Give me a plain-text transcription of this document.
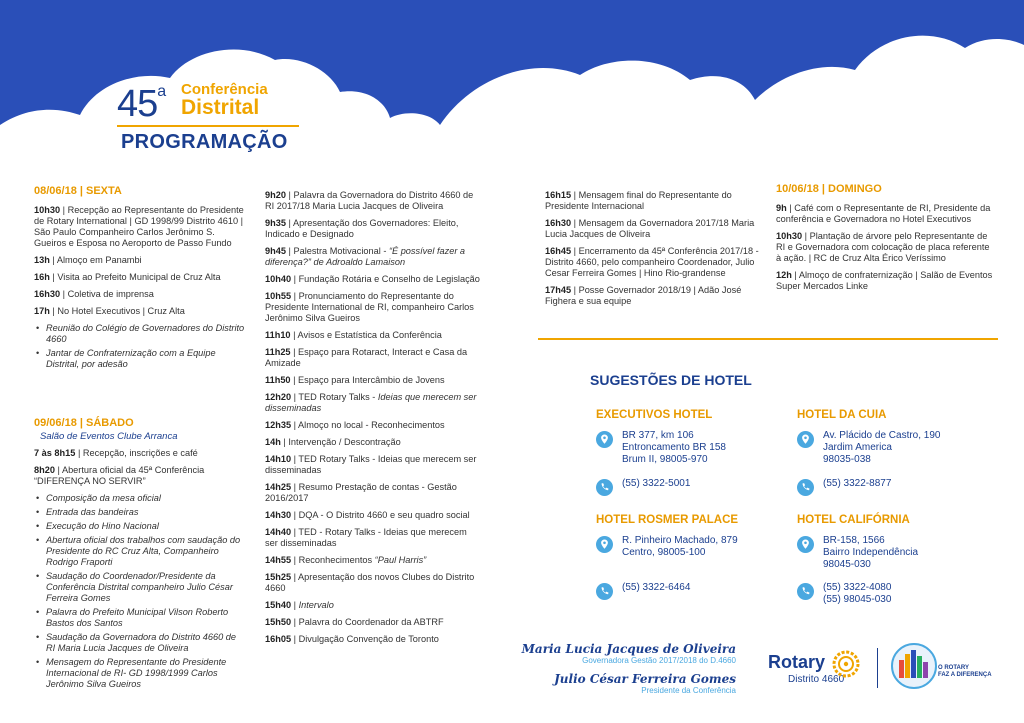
45$^a$ Conferência
Distrital
PROGRAMAÇÃO
08/06/18 | SEXTA
10h30 | Recepção ao Representante do Presidente de Rotary International | GD 1998/99 Distrito 4610 | São Paulo Companheiro Carlos Jerônimo S. Gueiros e Esposa no Aeroporto de Passo Fundo
13h | Almoço em Panambi
16h | Visita ao Prefeito Municipal de Cruz Alta
16h30 | Coletiva de imprensa
17h | No Hotel Executivos | Cruz Alta
• Reunião do Colégio de Governadores do Distrito 4660
• Jantar de Confraternização com a Equipe Distrital, por adesão
09/06/18 | SÁBADO
Salão de Eventos Clube Arranca
7 às 8h15 | Recepção, inscrições e café
8h20 | Abertura oficial da 45ª Conferência “DIFERENÇA NO SERVIR”
• Composição da mesa oficial
• Entrada das bandeiras
• Execução do Hino Nacional
• Abertura oficial dos trabalhos com saudação do Presidente do RC Cruz Alta, Companheiro Rodrigo Fraporti
• Saudação do Coordenador/Presidente da Conferência Distrital companheiro Julio César Ferreira Gomes
• Palavra do Prefeito Municipal Vilson Roberto Bastos dos Santos
• Saudação da Governadora do Distrito 4660 de RI Maria Lucia Jacques de Oliveira
• Mensagem do Representante do Presidente Internacional de RI- GD 1998/1999 Carlos Jerônimo Silva Gueiros
9h20 | Palavra da Governadora do Distrito 4660 de RI 2017/18 Maria Lucia Jacques de Oliveira
9h35 | Apresentação dos Governadores: Eleito, Indicado e Designado
9h45 | Palestra Motivacional - “É possível fazer a diferença?” de Adroaldo Lamaison
10h40 | Fundação Rotária e Conselho de Legislação
10h55 | Pronunciamento do Representante do Presidente International de RI, companheiro Carlos Jerônimo Silva Gueiros
11h10 | Avisos e Estatística da Conferência
11h25 | Espaço para Rotaract, Interact e Casa da Amizade
11h50 | Espaço para Intercâmbio de Jovens
12h20 | TED Rotary Talks - Ideias que merecem ser disseminadas
12h35 | Almoço no local - Reconhecimentos
14h | Intervenção / Descontração
14h10 | TED Rotary Talks - Ideias que merecem ser disseminadas
14h25 | Resumo Prestação de contas - Gestão 2016/2017
14h30 | DQA - O Distrito 4660 e seu quadro social
14h40 | TED - Rotary Talks - Ideias que merecem ser disseminadas
14h55 | Reconhecimentos “Paul Harris”
15h25 | Apresentação dos novos Clubes do Distrito 4660
15h40 | Intervalo
15h50 | Palavra do Coordenador da ABTRF
16h05 | Divulgação Convenção de Toronto
16h15 | Mensagem final do Representante do Presidente Internacional
16h30 | Mensagem da Governadora 2017/18 Maria Lucia Jacques de Oliveira
16h45 | Encerramento da 45ª Conferência 2017/18 - Distrito 4660, pelo companheiro Coordenador, Julio Cesar Ferreira Gomes | Hino Rio-grandense
17h45 | Posse Governador 2018/19 | Adão José Fighera e sua equipe
10/06/18 | DOMINGO
9h | Café com o Representante de RI, Presidente da conferência e Governadora no Hotel Executivos
10h30 | Plantação de árvore pelo Representante de RI e Governadora com colocação de placa referente à ação. | RC de Cruz Alta Érico Veríssimo
12h | Almoço de confraternização | Salão de Eventos Super Mercados Linke
SUGESTÕES DE HOTEL
EXECUTIVOS HOTEL
BR 377, km 106
Entroncamento BR 158
Brum II, 98005-970
(55) 3322-5001
HOTEL DA CUIA
Av. Plácido de Castro, 190
Jardim America
98035-038
(55) 3322-8877
HOTEL ROSMER PALACE
R. Pinheiro Machado, 879
Centro, 98005-100
(55) 3322-6464
HOTEL CALIFÓRNIA
BR-158, 1566
Bairro Independência
98045-030
(55) 3322-4080
(55) 98045-030
Maria Lucia Jacques de Oliveira
Governadora Gestão 2017/2018 do D.4660
Julio César Ferreira Gomes
Presidente da Conferência
Rotary
Distrito 4660
O ROTARY
FAZ A DIFERENÇA
